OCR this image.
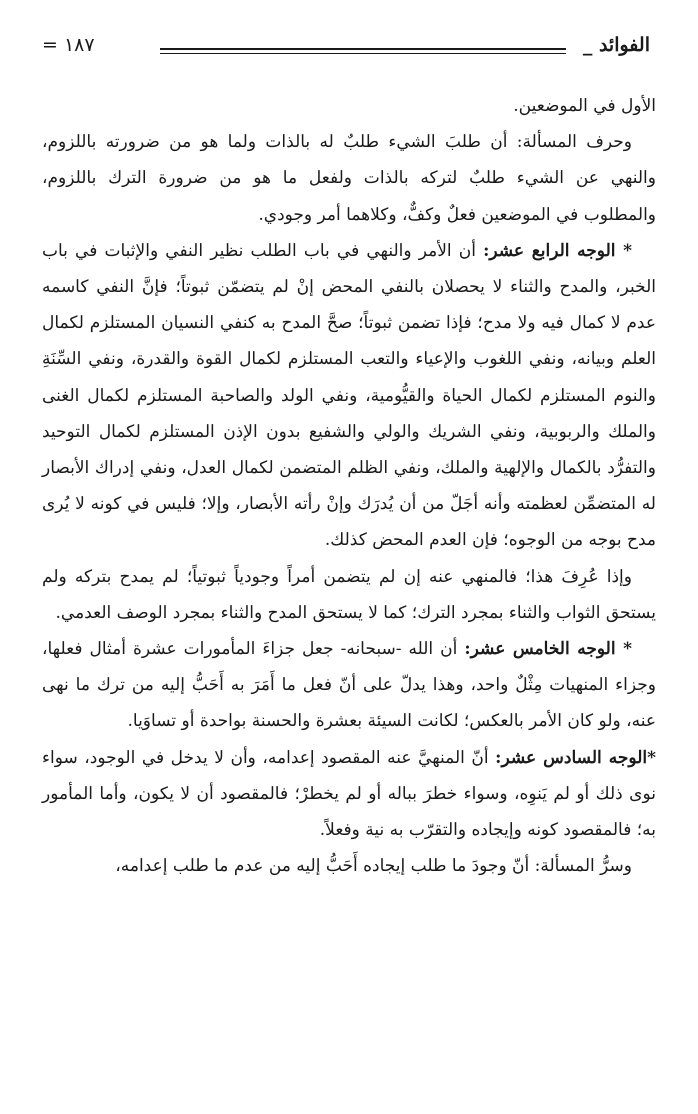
_ الفوائد
= ١٨٧

الأول في الموضعين.

وحرف المسألة: أن طلبَ الشيء طلبٌ له بالذات ولما هو من ضرورته باللزوم، والنهي عن الشيء طلبٌ لتركه بالذات ولفعل ما هو من ضرورة الترك باللزوم، والمطلوب في الموضعين فعلٌ وكفٌّ، وكلاهما أمر وجودي.

* الوجه الرابع عشر: أن الأمر والنهي في باب الطلب نظير النفي والإثبات في باب الخبر، والمدح والثناء لا يحصلان بالنفي المحض إنْ لم يتضمّن ثبوتاً؛ فإنَّ النفي كاسمه عدم لا كمال فيه ولا مدح؛ فإذا تضمن ثبوتاً؛ صحَّ المدح به كنفي النسيان المستلزم لكمال العلم وبيانه، ونفي اللغوب والإعياء والتعب المستلزم لكمال القوة والقدرة، ونفي السِّنَةِ والنوم المستلزم لكمال الحياة والقيُّومية، ونفي الولد والصاحبة المستلزم لكمال الغنى والملك والربوبية، ونفي الشريك والولي والشفيع بدون الإذن المستلزم لكمال التوحيد والتفرُّد بالكمال والإلهية والملك، ونفي الظلم المتضمن لكمال العدل، ونفي إدراك الأبصار له المتضمِّن لعظمته وأنه أجَلّ من أن يُدرَك وإنْ رأته الأبصار، وإلا؛ فليس في كونه لا يُرى مدح بوجه من الوجوه؛ فإن العدم المحض كذلك.

وإذا عُرِفَ هذا؛ فالمنهي عنه إن لم يتضمن أمراً وجودياً ثبوتياً؛ لم يمدح بتركه ولم يستحق الثواب والثناء بمجرد الترك؛ كما لا يستحق المدح والثناء بمجرد الوصف العدمي.

* الوجه الخامس عشر: أن الله -سبحانه- جعل جزاءَ المأمورات عشرة أمثال فعلها، وجزاء المنهيات مِثْلٌ واحد، وهذا يدلّ على أنّ فعل ما أَمَرَ به أَحَبُّ إليه من ترك ما نهى عنه، ولو كان الأمر بالعكس؛ لكانت السيئة بعشرة والحسنة بواحدة أو تساوَيا.

*الوجه السادس عشر: أنّ المنهيَّ عنه المقصود إعدامه، وأن لا يدخل في الوجود، سواء نوى ذلك أو لم يَنوِه، وسواء خطرَ بباله أو لم يخطرْ؛ فالمقصود أن لا يكون، وأما المأمور به؛ فالمقصود كونه وإيجاده والتقرّب به نية وفعلاً.

وسرُّ المسألة: أنّ وجودَ ما طلب إيجاده أَحَبُّ إليه من عدم ما طلب إعدامه،
